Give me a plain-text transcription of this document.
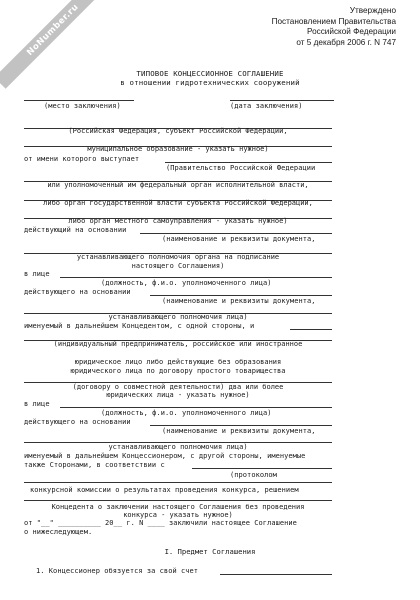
NoNumber.ru	Утверждено
Постановлением Правительства
Российской Федерации
от 5 декабря 2006 г. N 747
ТИПОВОЕ КОНЦЕССИОННОЕ СОГЛАШЕНИЕ
в отношении гидротехнических сооружений
(место заключения)	(дата заключения)
(Российская Федерация, субъект Российской Федерации,
муниципальное образование - указать нужное)
от имени которого выступает
(Правительство Российской Федерации
или уполномоченный им федеральный орган исполнительной власти,
либо орган государственной власти субъекта Российской Федерации,
либо орган местного самоуправления - указать нужное)
действующий на основании
(наименование и реквизиты документа,
устанавливающего полномочия органа на подписание
настоящего Соглашения)
в лице
(должность, ф.и.о. уполномоченного лица)
действующего на основании
(наименование и реквизиты документа,
устанавливающего полномочия лица)
именуемый в дальнейшем Концедентом, с одной стороны, и
(индивидуальный предприниматель, российское или иностранное
юридическое лицо либо действующие без образования
юридического лица по договору простого товарищества
(договору о совместной деятельности) два или более
юридических лица - указать нужное)
в лице
(должность, ф.и.о. уполномоченного лица)
действующего на основании
(наименование и реквизиты документа,
устанавливающего полномочия лица)
именуемый в дальнейшем Концессионером, с другой стороны, именуемые
также Сторонами, в соответствии с
(протоколом
конкурсной комиссии о результатах проведения конкурса, решением
Концедента о заключении настоящего Соглашения без проведения
конкурса - указать нужное)
от "__" __________ 20__ г. N ____ заключили настоящее Соглашение
о нижеследующем.
I. Предмет Соглашения
1. Концессионер обязуется за свой счет
